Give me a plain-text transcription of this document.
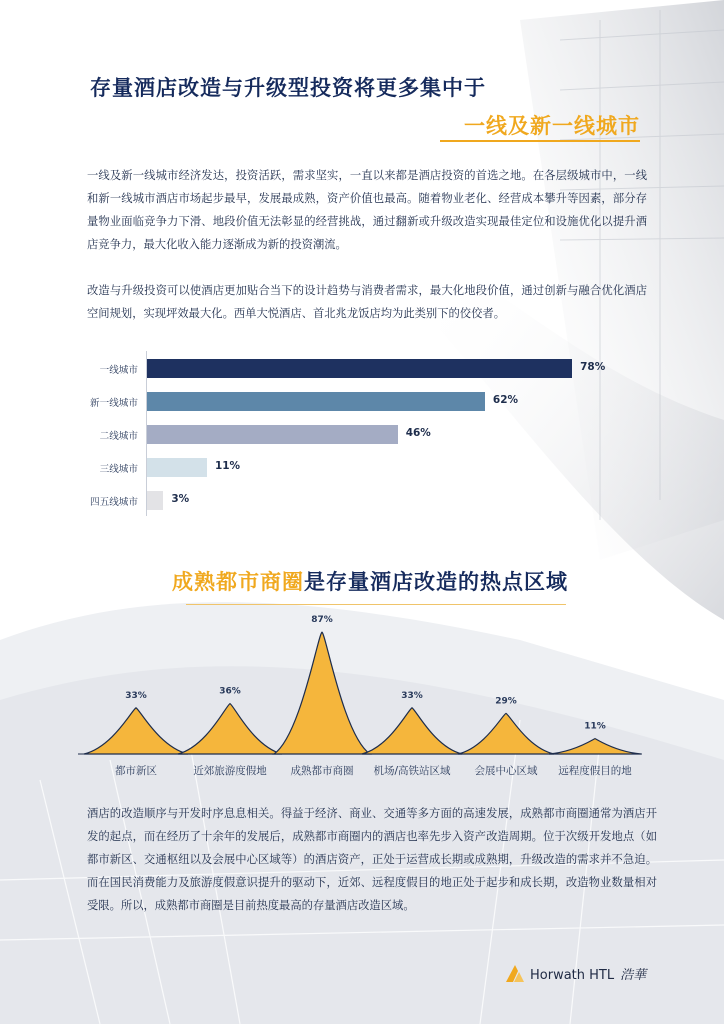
存量酒店改造与升级型投资将更多集中于
一线及新一线城市
一线及新一线城市经济发达，投资活跃，需求坚实，一直以来都是酒店投资的首选之地。在各层级城市中，一线和新一线城市酒店市场起步最早，发展最成熟，资产价值也最高。随着物业老化、经营成本攀升等因素，部分存量物业面临竞争力下滑、地段价值无法彰显的经营挑战，通过翻新或升级改造实现最佳定位和设施优化以提升酒店竞争力，最大化收入能力逐渐成为新的投资潮流。
改造与升级投资可以使酒店更加贴合当下的设计趋势与消费者需求，最大化地段价值，通过创新与融合优化酒店空间规划，实现坪效最大化。西单大悦酒店、首北兆龙饭店均为此类别下的佼佼者。
一线城市	78%
新一线城市	62%
二线城市	46%
三线城市	11%
四五线城市	3%
成熟都市商圈是存量酒店改造的热点区域
33%
都市新区
36%
近郊旅游度假地
87%
成熟都市商圈
33%
机场/高铁站区域
29%
会展中心区域
11%
远程度假目的地
酒店的改造顺序与开发时序息息相关。得益于经济、商业、交通等多方面的高速发展，成熟都市商圈通常为酒店开发的起点，而在经历了十余年的发展后，成熟都市商圈内的酒店也率先步入资产改造周期。位于次级开发地点（如都市新区、交通枢纽以及会展中心区域等）的酒店资产，正处于运营成长期或成熟期，升级改造的需求并不急迫。而在国民消费能力及旅游度假意识提升的驱动下，近郊、远程度假目的地正处于起步和成长期，改造物业数量相对受限。所以，成熟都市商圈是目前热度最高的存量酒店改造区域。
Horwath HTL 浩華
